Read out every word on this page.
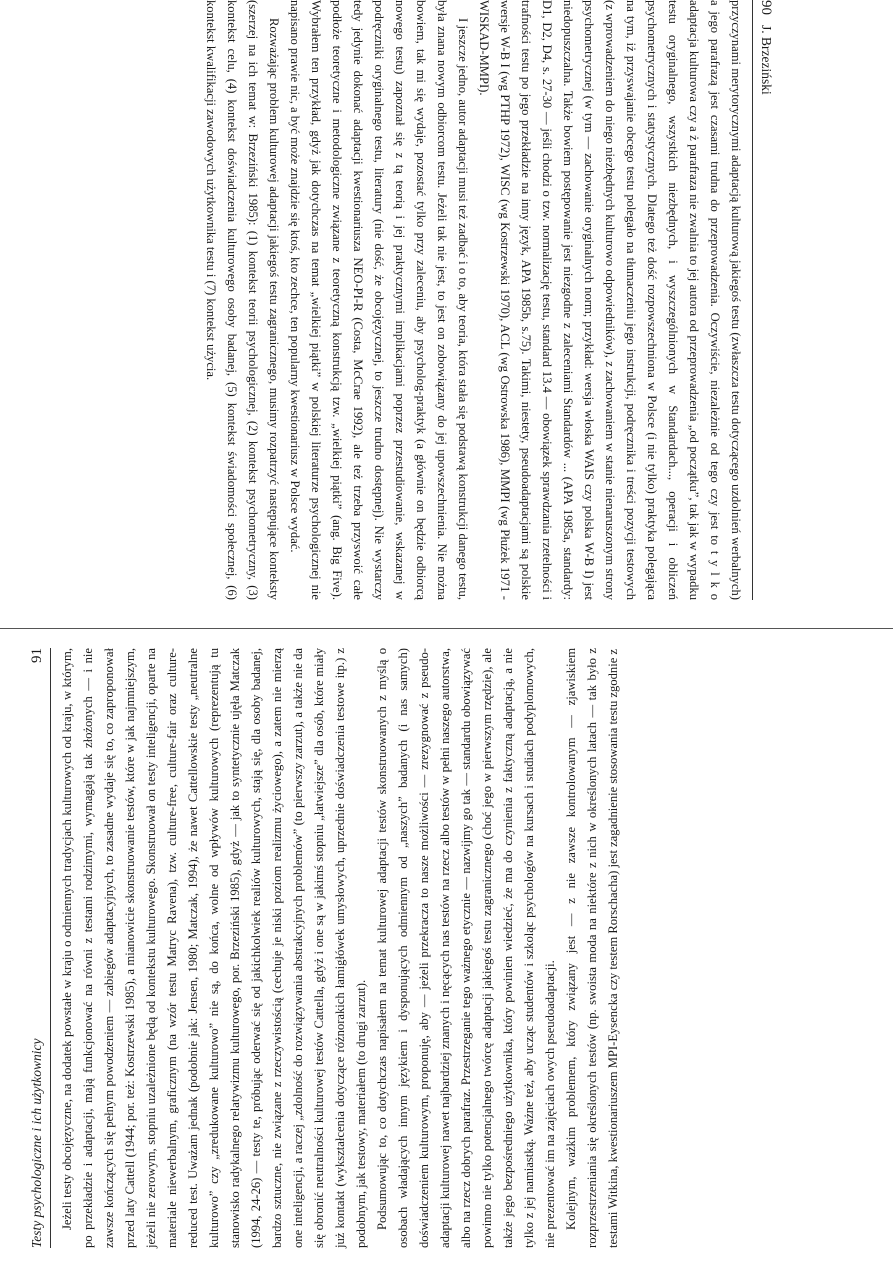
90
J. Brzeziński

przyczynami merytorycznymi adaptacją kulturową jakiegoś testu (zwłaszcza testu dotyczącego uzdolnień werbalnych) a jego parafrazą jest czasami trudna do przeprowadzenia. Oczywiście, niezależnie od tego czy jest to t y l k o adaptacja kulturowa czy a ż parafraza nie zwalnia to jej autora od przeprowadzenia „od początku”, tak jak w wypadku testu oryginalnego, wszystkich niezbędnych, i wyszczególnionych w Standardach..., operacji i obliczeń psychometrycznych i statystycznych. Dlatego też dość rozpowszechniona w Polsce (i nie tylko) praktyka polegająca na tym, iż przyswajanie obcego testu polegało na tłumaczeniu jego instrukcji, podręcznika i treści pozycji testowych (z wprowadzeniem do niego niezbędnych kulturowo odpowiedników), z zachowaniem w stanie nienaruszonym strony psychometrycznej (w tym — zachowanie oryginalnych norm; przykład: wersja włoska WAIS czy polska W-B I) jest niedopuszczalna. Także bowiem postępowanie jest niezgodne z zaleceniami Standardów ... (APA 1985a, standardy: D1, D2, D4, s. 27-30 — jeśli chodzi o tzw. normalizację testu, standard 13.4 — obowiązek sprawdzania rzetelności i trafności testu po jego przekładzie na inny język, APA 1985b, s.75). Takimi, niestety, pseudoadaptacjami są polskie wersje W-B I (wg PTHP 1972), WISC (wg Kostrzewski 1970), ACL (wg Ostrowska 1986), MMPI (wg Płużek 1971 - WISKAD-MMPI).

I jeszcze jedno, autor adaptacji musi też zadbać i o to, aby teoria, która stała się podstawą konstrukcji danego testu, była znana nowym odbiorcom testu. Jeżeli tak nie jest, to jest on zobowiązany do jej upowszechnienia. Nie można bowiem, tak mi się wydaje, pozostać tylko przy zaleceniu, aby psycholog-praktyk (a głównie on będzie odbiorcą nowego testu) zapoznał się z tą teorią i jej praktycznymi implikacjami poprzez przestudiowanie, wskazanej w podręczniki oryginalnego testu, literatury (nie dość, że obcojęzycznej, to jeszcze trudno dostępnej). Nie wystarczy tedy jedynie dokonać adaptacji kwestionariusza NEO-PI-R (Costa, McCrae 1992), ale też trzeba przyswoić całe podłoże teoretyczne i metodologiczne związane z teoretyczną konstrukcją tzw. „wielkiej piątki” (ang. Big Five). Wybrałem ten przykład, gdyż jak dotychczas na temat „wielkiej piątki” w polskiej literaturze psychologicznej nie napisano prawie nic, a być może znajdzie się ktoś, kto zechce, ten popularny kwestionariusz w Polsce wydać.

Rozważając problem kulturowej adaptacji jakiegoś testu zagranicznego, musimy rozpatrzyć następujące konteksty (szerzej na ich temat w: Brzeziński 1985): (1) kontekst teorii psychologicznej, (2) kontekst psychometryczny, (3) kontekst celu, (4) kontekst doświadczenia kulturowego osoby badanej, (5) kontekst świadomości społecznej, (6) kontekst kwalifikacji zawodowych użytkownika testu i (7) kontekst użycia.

Testy psychologiczne i ich użytkownicy
91 Jeżeli testy obcojęzyczne, na dodatek powstałe w kraju o odmiennych tradycjach kulturowych od kraju, w którym, po przekładzie i adaptacji, mają funkcjonować na równi z testami rodzimymi, wymagają tak złożonych — i nie zawsze kończących się pełnym powodzeniem — zabiegów adaptacyjnych, to zasadne wydaje się to, co zaproponował przed laty Cattell (1944; por. też: Kostrzewski 1985), a mianowicie skonstruowanie testów, które w jak najmniejszym, jeżeli nie zerowym, stopniu uzależnione będą od kontekstu kulturowego. Skonstruował on testy inteligencji, oparte na materiale niewerbalnym, graficznym (na wzór testu Matryc Ravena), tzw. culture-free, culture-fair oraz culture-reduced test. Uważam jednak (podobnie jak: Jensen, 1980; Matczak, 1994), że nawet Cattellowskie testy „neutralne kulturowo” czy „zredukowane kulturowo” nie są, do końca, wolne od wpływów kulturowych (reprezentują tu stanowisko radykalnego relatywizmu kulturowego, por. Brzeziński 1985), gdyż — jak to syntetycznie ujęła Matczak (1994, 24-26) — testy te, próbując oderwać się od jakichkolwiek realiów kulturowych, stają się, dla osoby badanej, bardzo sztuczne, nie związane z rzeczywistością (cechuje je niski poziom realizmu życiowego), a zatem nie mierzą one inteligencji, a raczej „zdolność do rozwiązywania abstrakcyjnych problemów” (to pierwszy zarzut), a także nie da się obronić neutralności kulturowej testów Cattella, gdyż i one są w jakimś stopniu „łatwiejsze” dla osób, które miały już kontakt (wykształcenia dotyczące różnorakich łamigłówek umysłowych, uprzednie doświadczenia testowe itp.) z podobnym, jak testowy, materiałem (to drugi zarzut). Podsumowując to, co dotychczas napisałem na temat kulturowej adaptacji testów skonstruowanych z myślą o osobach władających innym językiem i dysponujących odmiennym od „naszych” badanych (i nas samych) doświadczeniem kulturowym, proponuję, aby — jeżeli przekracza to nasze możliwości — zrezygnować z pseudo-adaptacji kulturowej nawet najbardziej znanych i nęcących nas testów na rzecz albo testów w pełni naszego autorstwa, albo na rzecz dobrych parafraz. Przestrzeganie tego ważnego etycznie — nazwijmy go tak — standardu obowiązywać powinno nie tylko potencjalnego twórcę adaptacji jakiegoś testu zagranicznego (choć jego w pierwszym rzędzie), ale także jego bezpośredniego użytkownika, który powinien wiedzieć, że ma do czynienia z faktyczną adaptacją, a nie tylko z jej namiastką. Ważne też, aby ucząc studentów i szkoląc psychologów na kursach i studiach podyplomowych, nie prezentować im na zajęciach owych pseudoadaptacji. Kolejnym, ważkim problemem, który związany jest — z nie zawsze kontrolowanym — zjawiskiem rozprzestrzeniania się określonych testów (np. swoista moda na niektóre z nich w określonych latach — tak było z testami Witkina, kwestionariuszem MPI-Eysencka czy testem Rorschacha) jest zagadnienie stosowania testu zgodnie z
